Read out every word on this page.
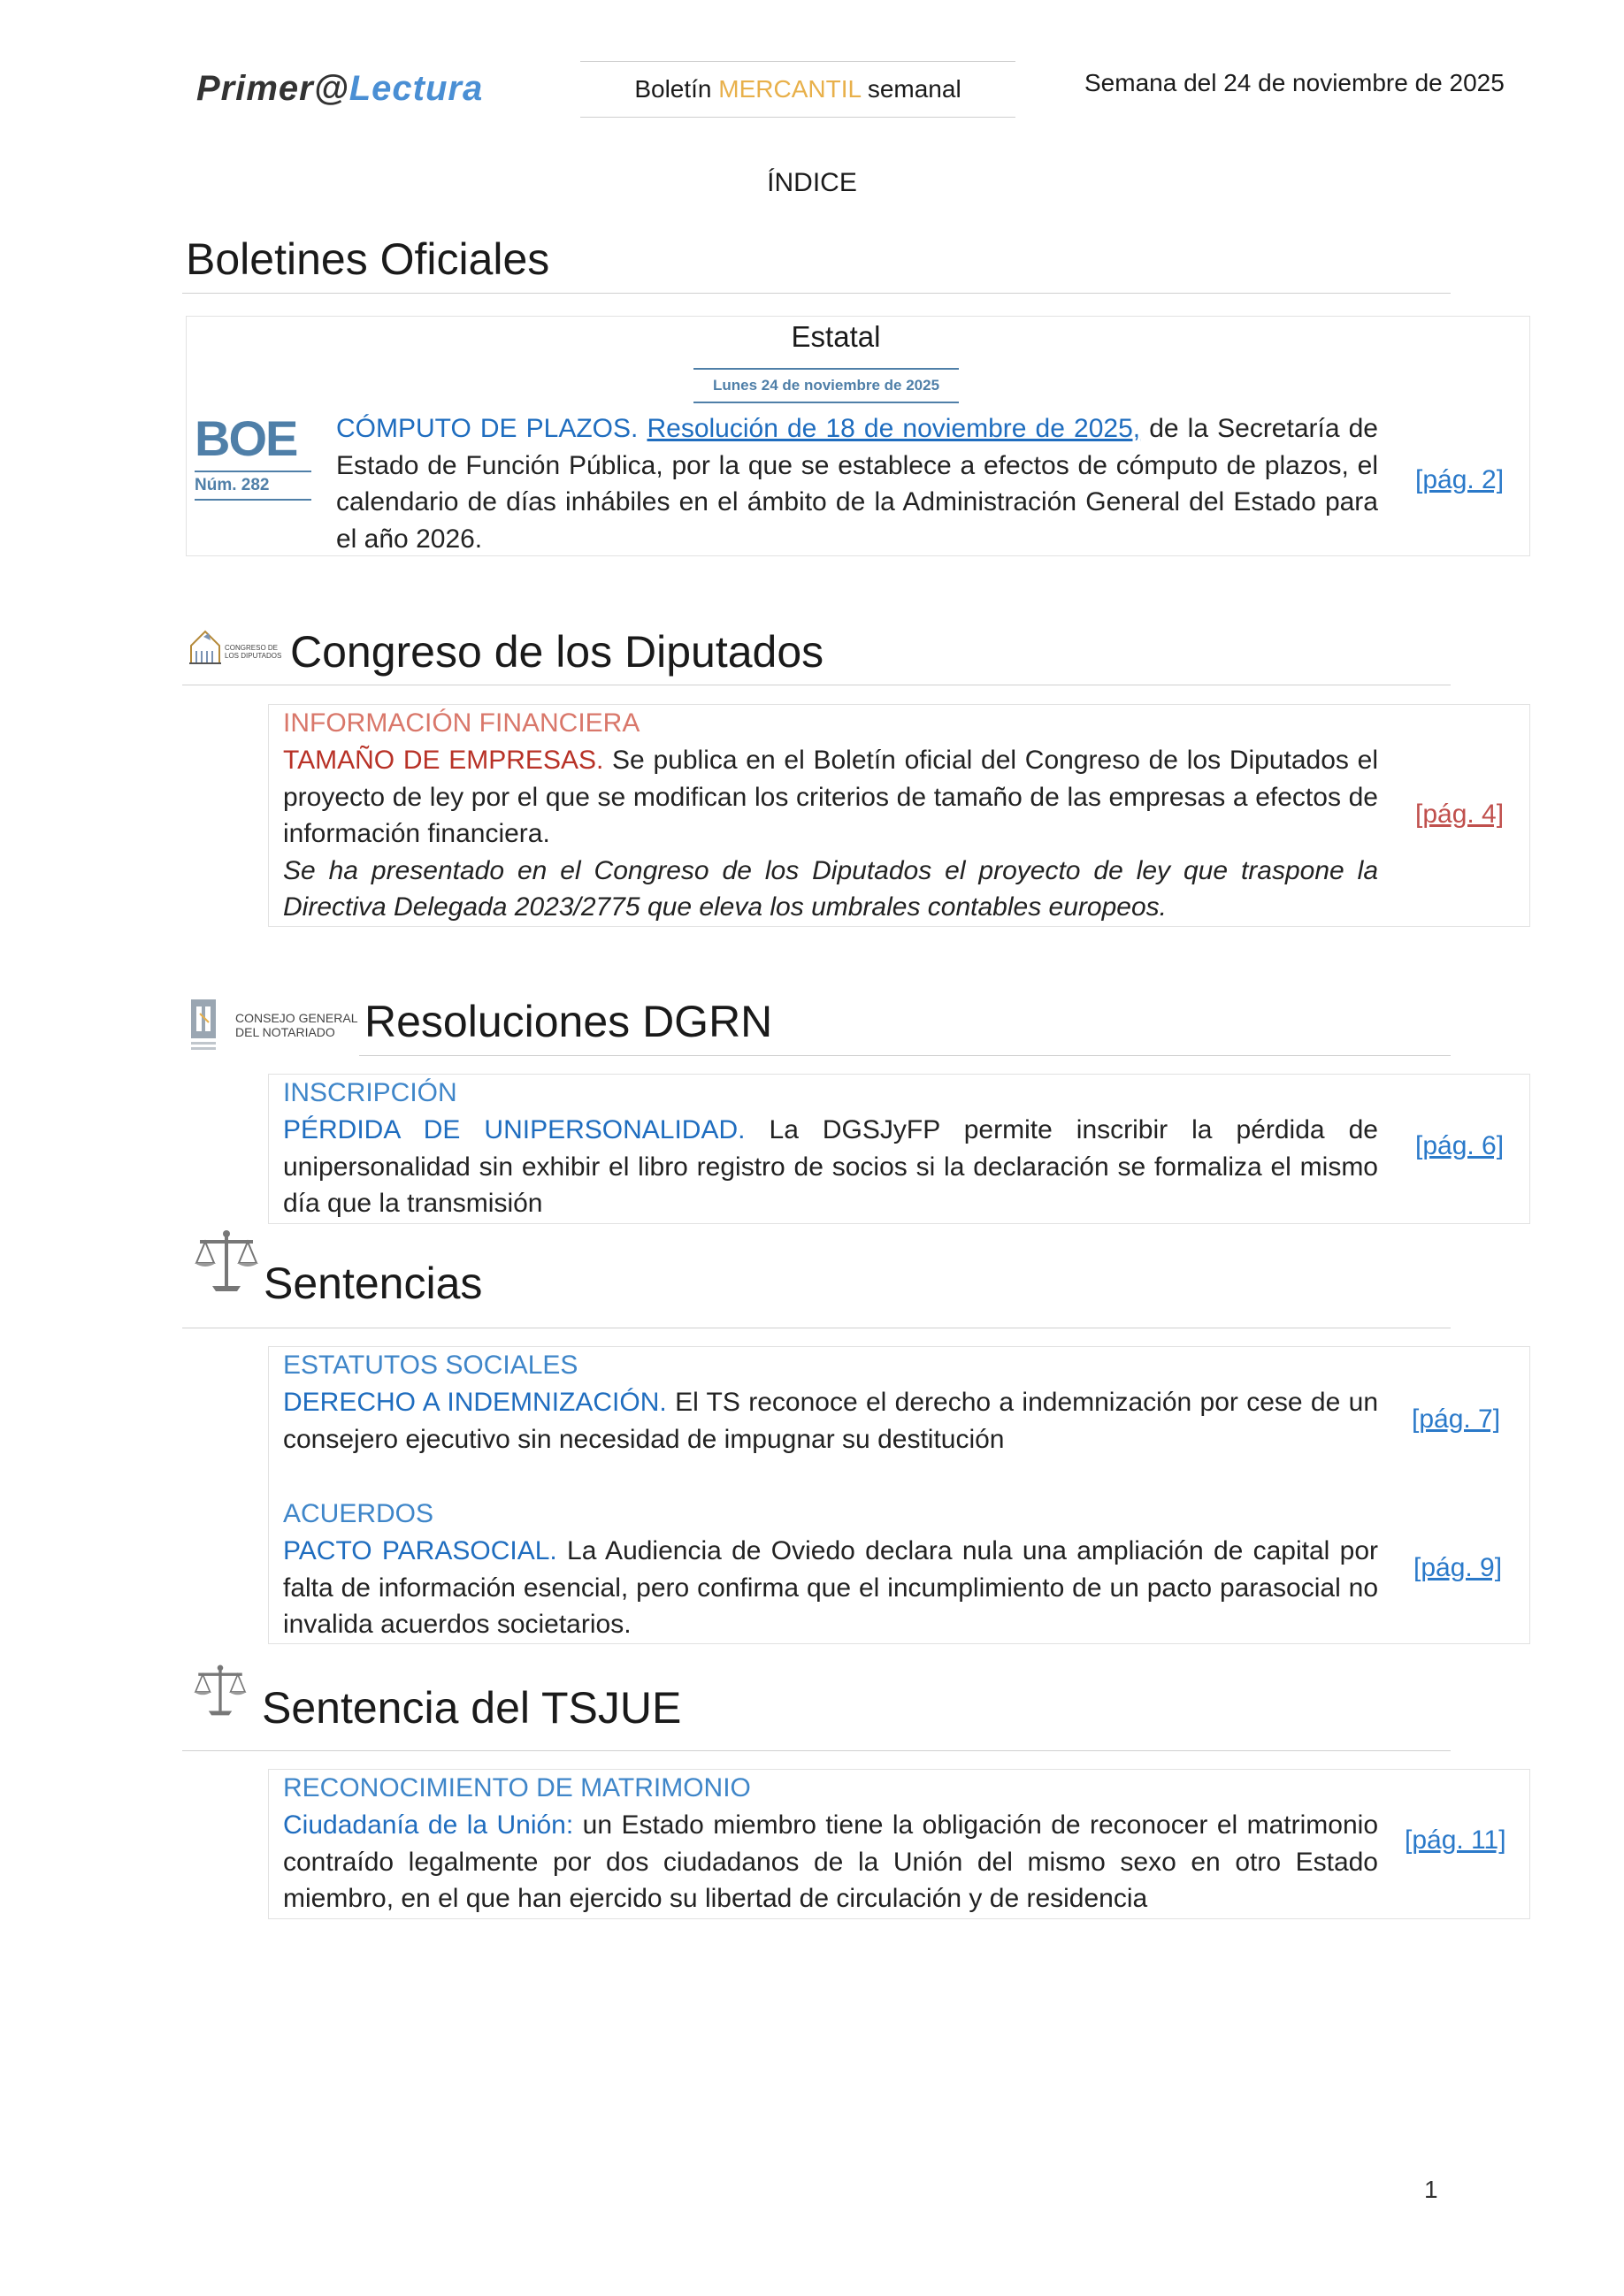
Primer@Lectura	Boletín MERCANTIL semanal	Semana del 24 de noviembre de 2025
ÍNDICE
Boletines Oficiales
Estatal
Lunes 24 de noviembre de 2025
BOE
Núm. 282
CÓMPUTO DE PLAZOS. Resolución de 18 de noviembre de 2025, de la Secretaría de Estado de Función Pública, por la que se establece a efectos de cómputo de plazos, el calendario de días inhábiles en el ámbito de la Administración General del Estado para el año 2026.
[pág. 2]
CONGRESO DE LOS DIPUTADOS Congreso de los Diputados
INFORMACIÓN FINANCIERA
TAMAÑO DE EMPRESAS. Se publica en el Boletín oficial del Congreso de los Diputados el proyecto de ley por el que se modifican los criterios de tamaño de las empresas a efectos de información financiera.
Se ha presentado en el Congreso de los Diputados el proyecto de ley que traspone la Directiva Delegada 2023/2775 que eleva los umbrales contables europeos.
[pág. 4]
CONSEJO GENERAL
DEL NOTARIADO Resoluciones DGRN
INSCRIPCIÓN
PÉRDIDA DE UNIPERSONALIDAD. La DGSJyFP permite inscribir la pérdida de unipersonalidad sin exhibir el libro registro de socios si la declaración se formaliza el mismo día que la transmisión
[pág. 6]
Sentencias
ESTATUTOS SOCIALES
DERECHO A INDEMNIZACIÓN. El TS reconoce el derecho a indemnización por cese de un consejero ejecutivo sin necesidad de impugnar su destitución
[pág. 7]
ACUERDOS
PACTO PARASOCIAL. La Audiencia de Oviedo declara nula una ampliación de capital por falta de información esencial, pero confirma que el incumplimiento de un pacto parasocial no invalida acuerdos societarios.
[pág. 9]
Sentencia del TSJUE
RECONOCIMIENTO DE MATRIMONIO
Ciudadanía de la Unión: un Estado miembro tiene la obligación de reconocer el matrimonio contraído legalmente por dos ciudadanos de la Unión del mismo sexo en otro Estado miembro, en el que han ejercido su libertad de circulación y de residencia
[pág. 11]
1
